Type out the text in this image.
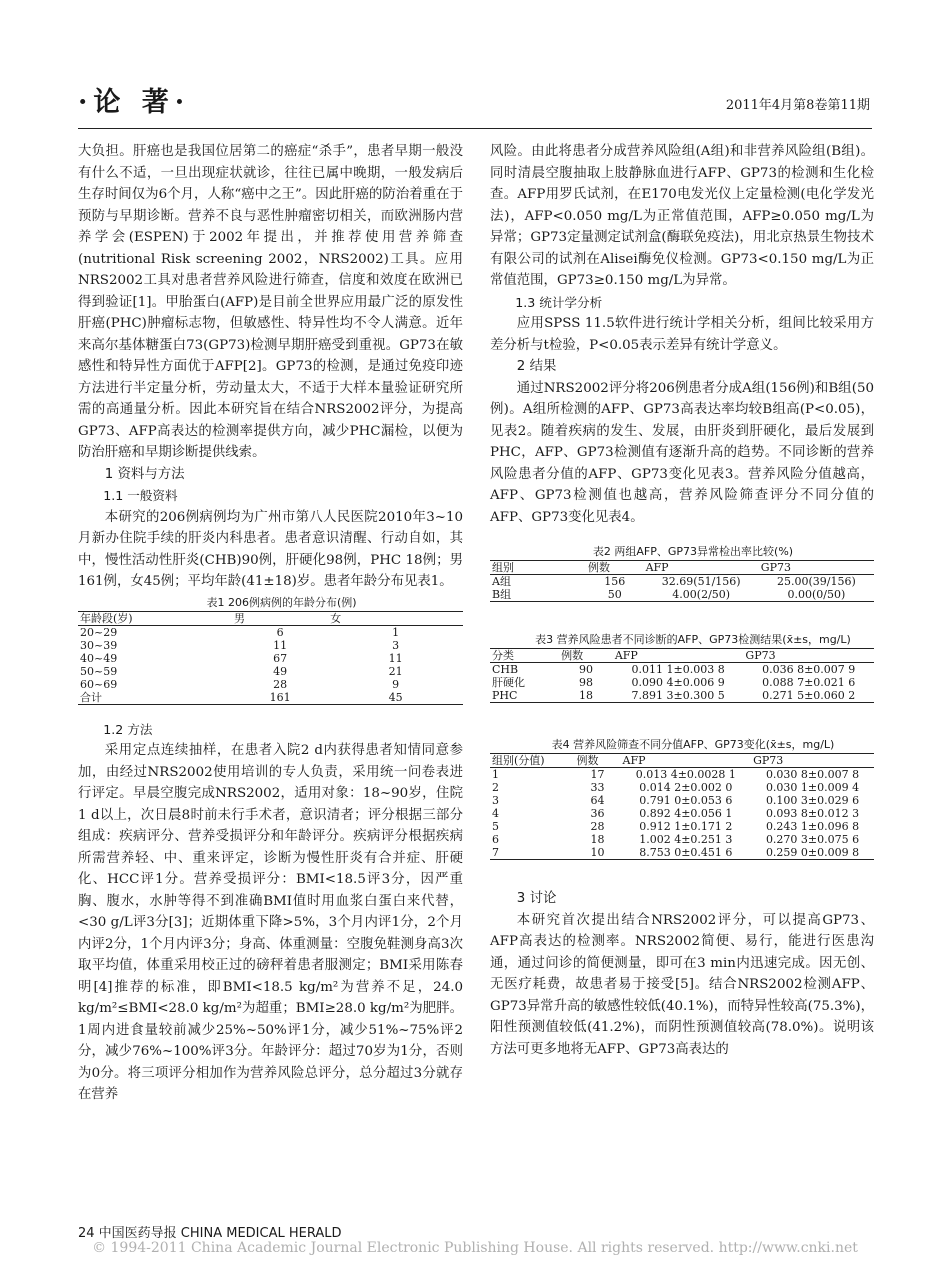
·论 著·	2011年4月第8卷第11期

大负担。肝癌也是我国位居第二的癌症“杀手”，患者早期一般没有什么不适，一旦出现症状就诊，往往已属中晚期，一般发病后生存时间仅为6个月，人称“癌中之王”。因此肝癌的防治着重在于预防与早期诊断。营养不良与恶性肿瘤密切相关，而欧洲肠内营养学会(ESPEN)于2002年提出，并推荐使用营养筛查(nutritional Risk screening 2002，NRS2002)工具。应用NRS2002工具对患者营养风险进行筛查，信度和效度在欧洲已得到验证[1]。甲胎蛋白(AFP)是目前全世界应用最广泛的原发性肝癌(PHC)肿瘤标志物，但敏感性、特异性均不令人满意。近年来高尔基体糖蛋白73(GP73)检测早期肝癌受到重视。GP73在敏感性和特异性方面优于AFP[2]。GP73的检测，是通过免疫印迹方法进行半定量分析，劳动量太大，不适于大样本量验证研究所需的高通量分析。因此本研究旨在结合NRS2002评分，为提高GP73、AFP高表达的检测率提供方向，减少PHC漏检，以便为防治肝癌和早期诊断提供线索。

1 资料与方法

1.1 一般资料

本研究的206例病例均为广州市第八人民医院2010年3~10月新办住院手续的肝炎内科患者。患者意识清醒、行动自如，其中，慢性活动性肝炎(CHB)90例，肝硬化98例，PHC 18例；男161例，女45例；平均年龄(41±18)岁。患者年龄分布见表1。

表1 206例病例的年龄分布(例)

年龄段(岁)	男	女
20~29	6	1
30~39	11	3
40~49	67	11
50~59	49	21
60~69	28	9
合计	161	45

1.2 方法

采用定点连续抽样，在患者入院2 d内获得患者知情同意参加，由经过NRS2002使用培训的专人负责，采用统一问卷表进行评定。早晨空腹完成NRS2002，适用对象：18~90岁，住院1 d以上，次日晨8时前未行手术者，意识清者；评分根据三部分组成：疾病评分、营养受损评分和年龄评分。疾病评分根据疾病所需营养轻、中、重来评定，诊断为慢性肝炎有合并症、肝硬化、HCC评1分。营养受损评分：BMI<18.5评3分，因严重胸、腹水，水肿等得不到准确BMI值时用血浆白蛋白来代替，<30 g/L评3分[3]；近期体重下降>5%，3个月内评1分，2个月内评2分，1个月内评3分；身高、体重测量：空腹免鞋测身高3次取平均值，体重采用校正过的磅秤着患者服测定；BMI采用陈春明[4]推荐的标准，即BMI<18.5 kg/m²为营养不足，24.0 kg/m²≤BMI<28.0 kg/m²为超重；BMI≥28.0 kg/m²为肥胖。1周内进食量较前减少25%~50%评1分，减少51%~75%评2分，减少76%~100%评3分。年龄评分：超过70岁为1分，否则为0分。将三项评分相加作为营养风险总评分，总分超过3分就存在营养

风险。由此将患者分成营养风险组(A组)和非营养风险组(B组)。同时清晨空腹抽取上肢静脉血进行AFP、GP73的检测和生化检查。AFP用罗氏试剂，在E170电发光仪上定量检测(电化学发光法)，AFP<0.050 mg/L为正常值范围，AFP≥0.050 mg/L为异常；GP73定量测定试剂盒(酶联免疫法)，用北京热景生物技术有限公司的试剂在Alisei酶免仪检测。GP73<0.150 mg/L为正常值范围，GP73≥0.150 mg/L为异常。

1.3 统计学分析

应用SPSS 11.5软件进行统计学相关分析，组间比较采用方差分析与t检验，P<0.05表示差异有统计学意义。

2 结果

通过NRS2002评分将206例患者分成A组(156例)和B组(50例)。A组所检测的AFP、GP73高表达率均较B组高(P<0.05)，见表2。随着疾病的发生、发展，由肝炎到肝硬化，最后发展到PHC，AFP、GP73检测值有逐渐升高的趋势。不同诊断的营养风险患者分值的AFP、GP73变化见表3。营养风险分值越高，AFP、GP73检测值也越高，营养风险筛查评分不同分值的AFP、GP73变化见表4。

表2 两组AFP、GP73异常检出率比较(%)

组别	例数	AFP	GP73
A组	156	32.69(51/156)	25.00(39/156)
B组	50	4.00(2/50)	0.00(0/50)

表3 营养风险患者不同诊断的AFP、GP73检测结果(x̄±s，mg/L)

分类	例数	AFP	GP73
CHB	90	0.011 1±0.003 8	0.036 8±0.007 9
肝硬化	98	0.090 4±0.006 9	0.088 7±0.021 6
PHC	18	7.891 3±0.300 5	0.271 5±0.060 2

表4 营养风险筛查不同分值AFP、GP73变化(x̄±s，mg/L)

组别(分值)	例数	AFP	GP73
1	17	0.013 4±0.0028 1	0.030 8±0.007 8
2	33	0.014 2±0.002 0	0.030 1±0.009 4
3	64	0.791 0±0.053 6	0.100 3±0.029 6
4	36	0.892 4±0.056 1	0.093 8±0.012 3
5	28	0.912 1±0.171 2	0.243 1±0.096 8
6	18	1.002 4±0.251 3	0.270 3±0.075 6
7	10	8.753 0±0.451 6	0.259 0±0.009 8

3 讨论

本研究首次提出结合NRS2002评分，可以提高GP73、AFP高表达的检测率。NRS2002简便、易行，能进行医患沟通，通过问诊的简便测量，即可在3 min内迅速完成。因无创、无医疗耗费，故患者易于接受[5]。结合NRS2002检测AFP、GP73异常升高的敏感性较低(40.1%)，而特异性较高(75.3%)，阳性预测值较低(41.2%)，而阴性预测值较高(78.0%)。说明该方法可更多地将无AFP、GP73高表达的

24 中国医药导报 CHINA MEDICAL HERALD
© 1994-2011 China Academic Journal Electronic Publishing House. All rights reserved. http://www.cnki.net
